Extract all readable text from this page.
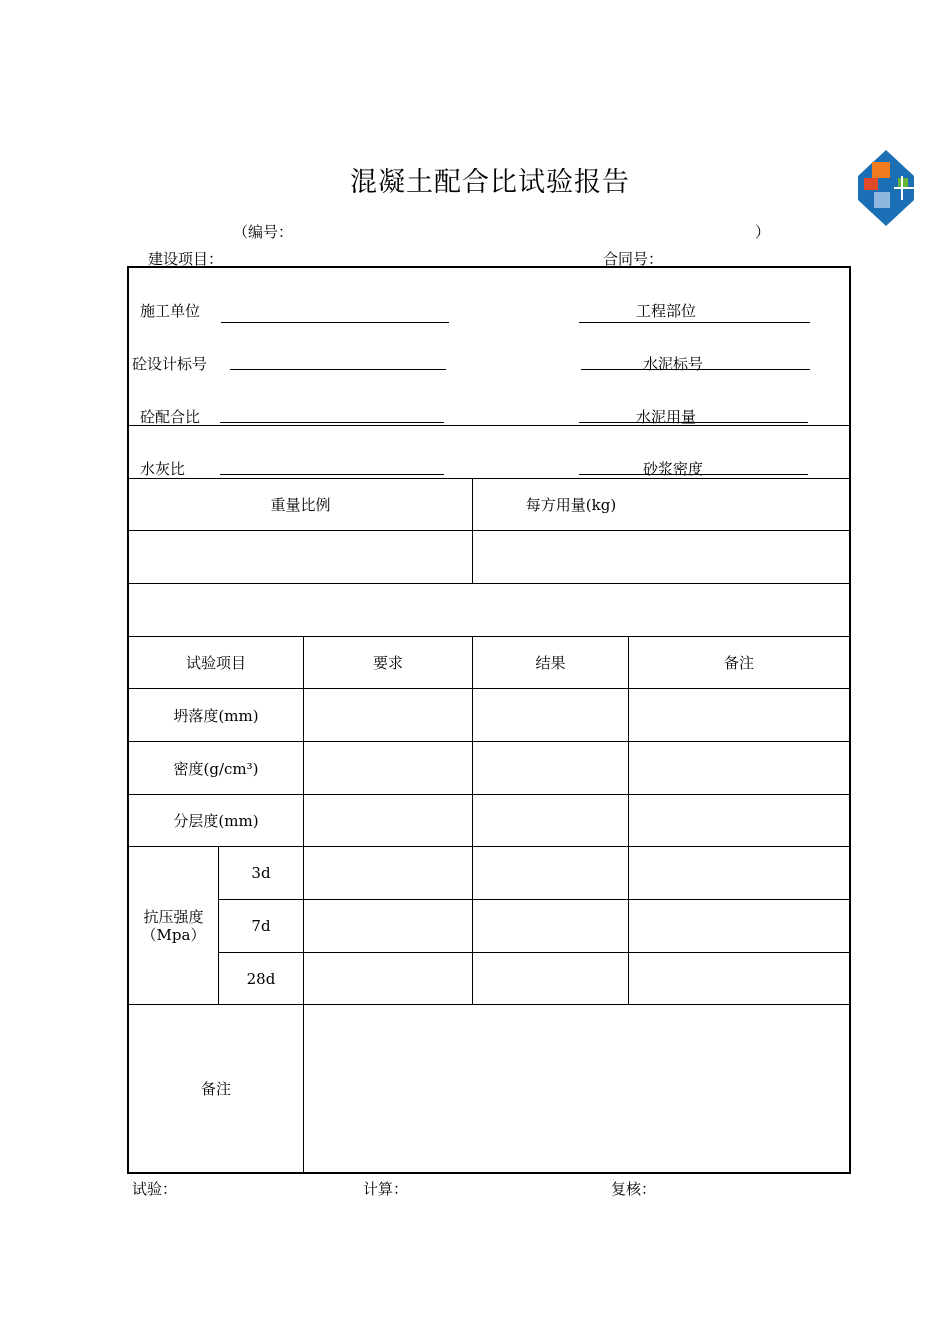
混凝土配合比试验报告
（编号：	）
建设项目：	合同号：
施工单位	工程部位
砼设计标号	水泥标号
砼配合比	水泥用量
水灰比	砂浆密度
重量比例	每方用量(kg)
试验项目	要求	结果	备注
坍落度(mm)
密度(g/cm³)
分层度(mm)
抗压强度（Mpa）
3d
7d
28d
备注
试验：	计算：	复核：
